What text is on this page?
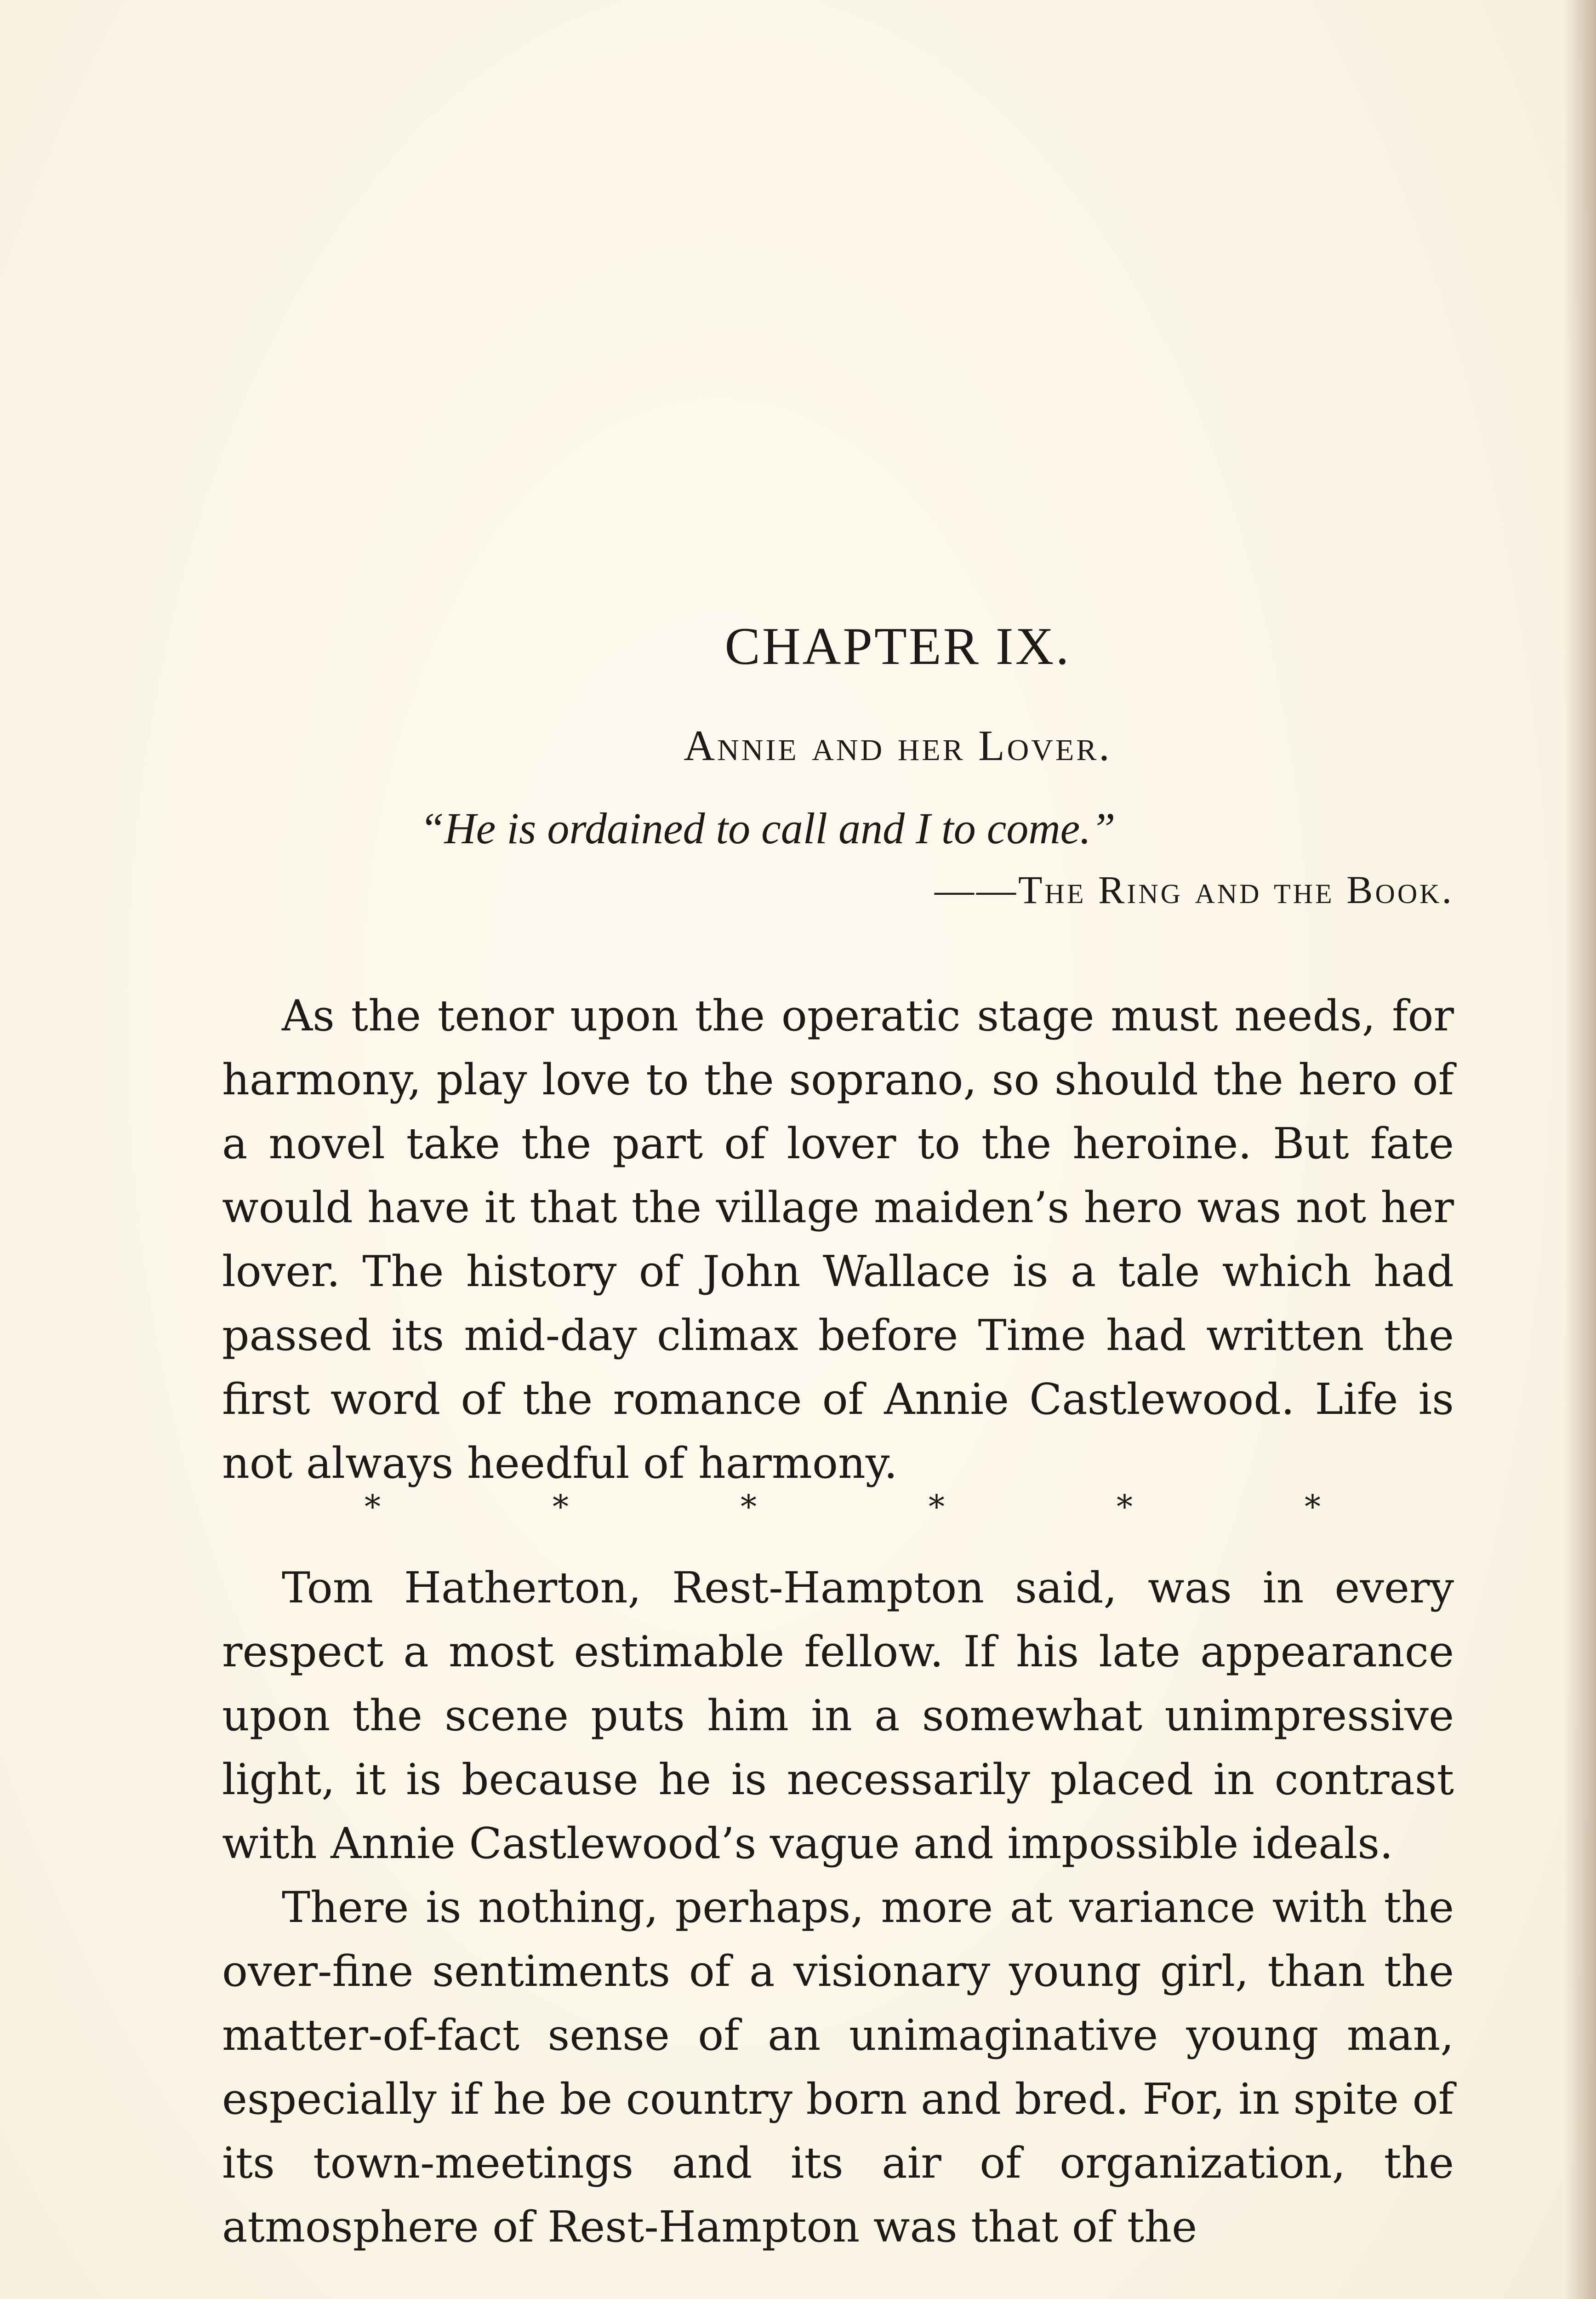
CHAPTER IX.
Annie and her Lover.
“He is ordained to call and I to come.”
——The Ring and the Book.

As the tenor upon the operatic stage must needs, for harmony, play love to the soprano, so should the hero of a novel take the part of lover to the heroine. But fate would have it that the village maiden’s hero was not her lover. The history of John Wallace is a tale which had passed its mid-day climax before Time had written the first word of the romance of Annie Castlewood. Life is not always heedful of harmony.

*	*	*	*	*	*

Tom Hatherton, Rest-Hampton said, was in every respect a most estimable fellow. If his late appearance upon the scene puts him in a somewhat unimpressive light, it is because he is necessarily placed in contrast with Annie Castlewood’s vague and impossible ideals.

There is nothing, perhaps, more at variance with the over-fine sentiments of a visionary young girl, than the matter-of-fact sense of an unimaginative young man, especially if he be country born and bred. For, in spite of its town-meetings and its air of organization, the atmosphere of Rest-Hampton was that of the
